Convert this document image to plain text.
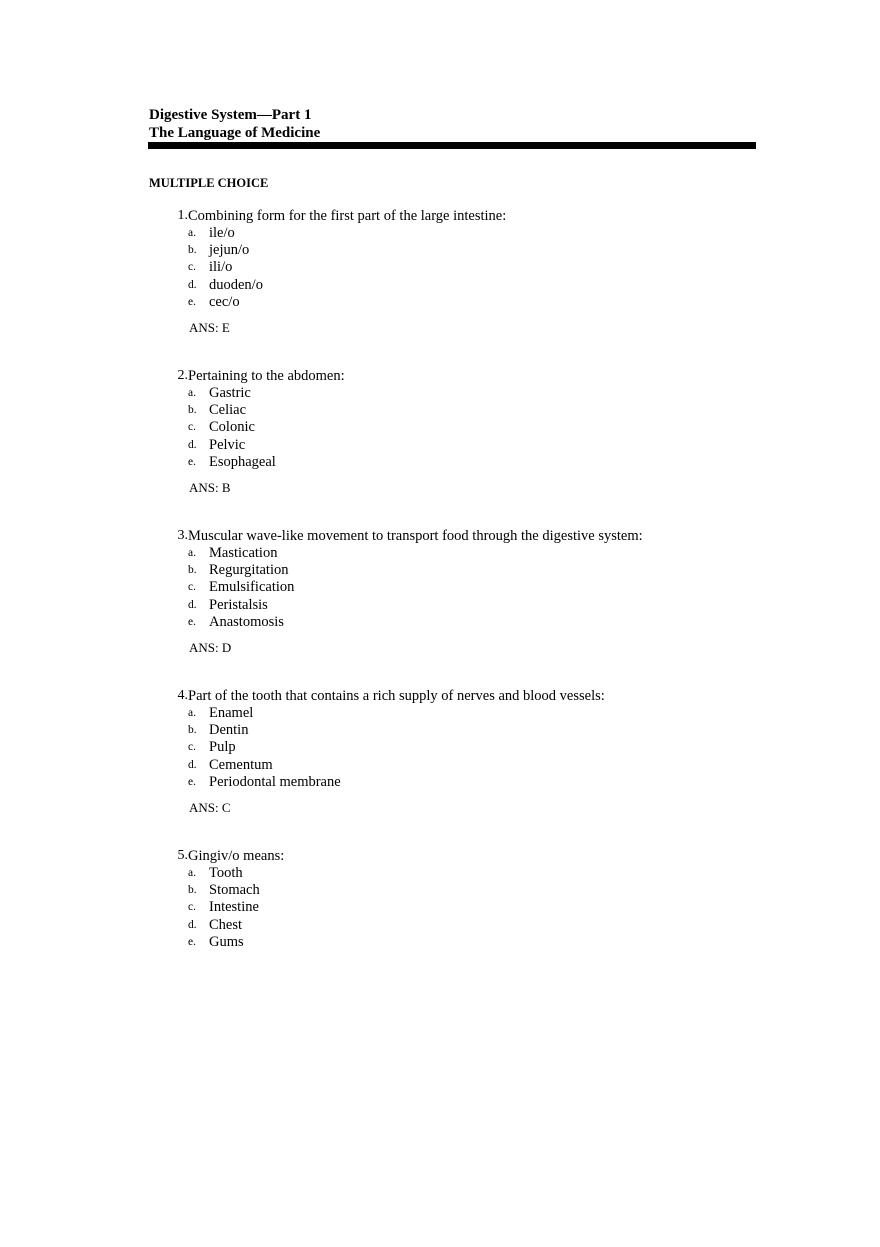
Digestive System—Part 1

The Language of Medicine

MULTIPLE CHOICE

1. Combining form for the first part of the large intestine:
a. ile/o
b. jejun/o
c. ili/o
d. duoden/o
e. cec/o

ANS: E

2. Pertaining to the abdomen:
a. Gastric
b. Celiac
c. Colonic
d. Pelvic
e. Esophageal

ANS: B

3. Muscular wave-like movement to transport food through the digestive system:
a. Mastication
b. Regurgitation
c. Emulsification
d. Peristalsis
e. Anastomosis

ANS: D

4. Part of the tooth that contains a rich supply of nerves and blood vessels:
a. Enamel
b. Dentin
c. Pulp
d. Cementum
e. Periodontal membrane

ANS: C

5. Gingiv/o means:
a. Tooth
b. Stomach
c. Intestine
d. Chest
e. Gums
